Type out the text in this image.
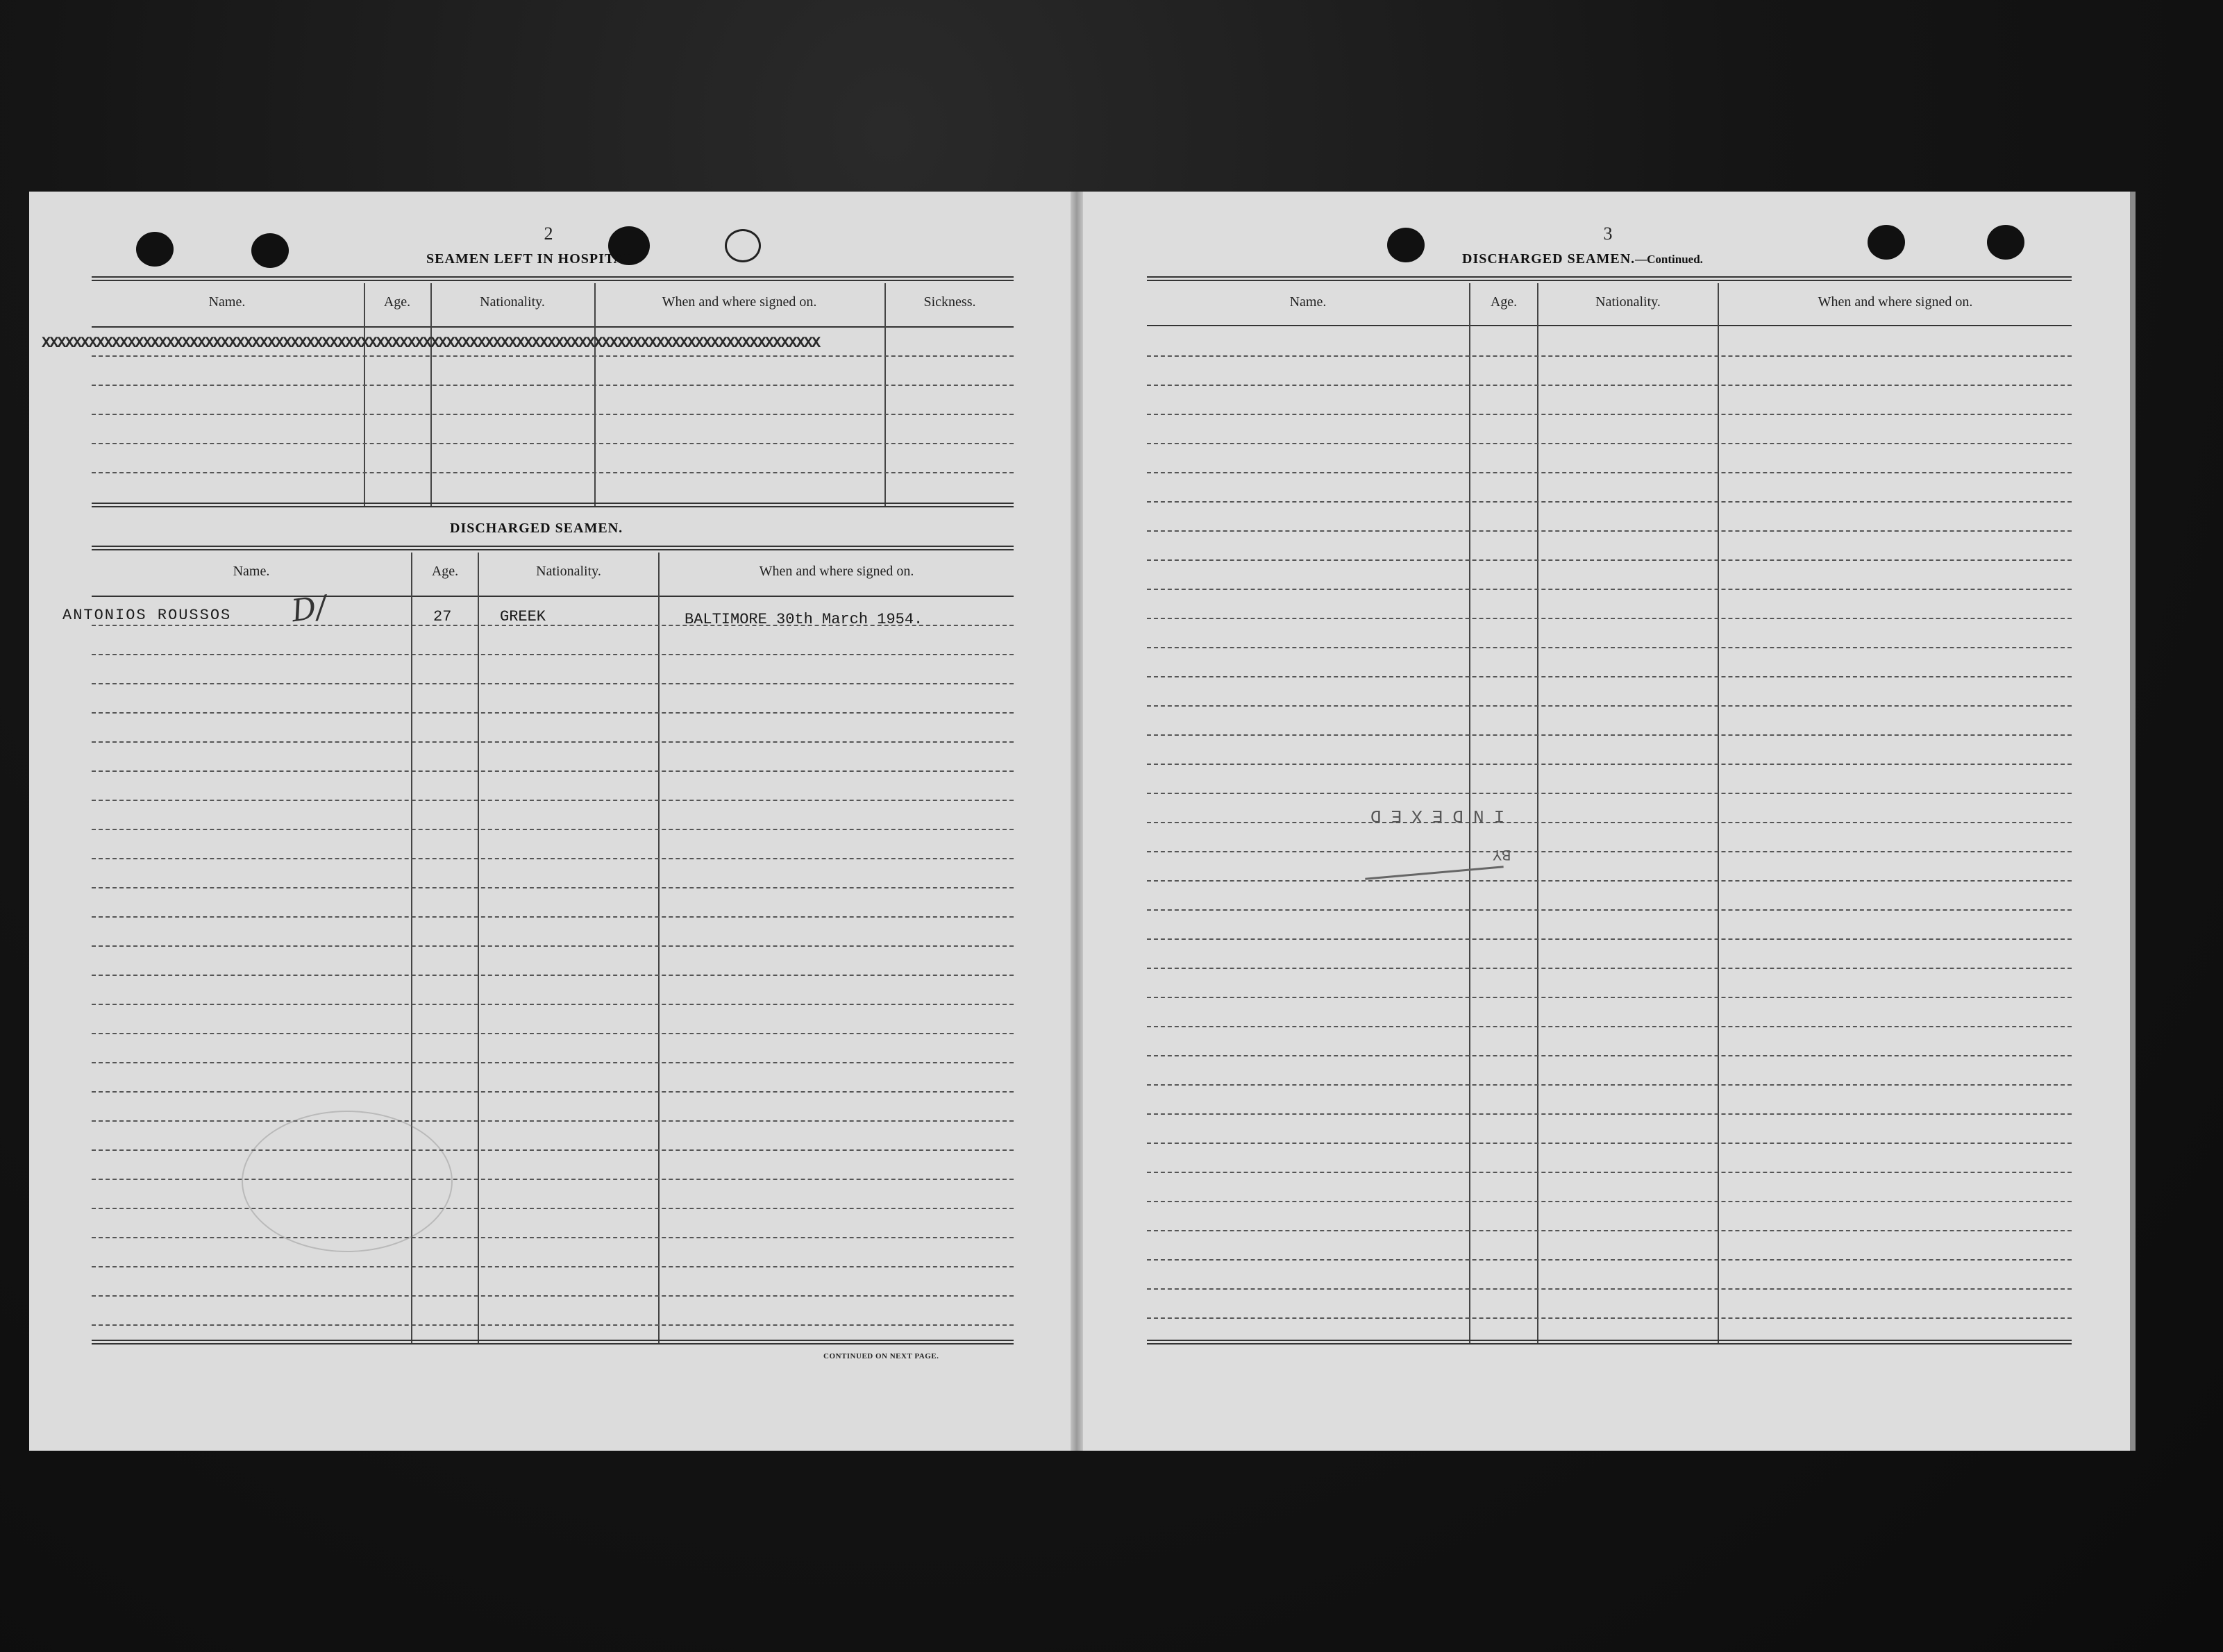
2
SEAMEN LEFT IN HOSPITAL.
Name.	Age.	Nationality.	When and where signed on.	Sickness.
XXXXXXXXXXXXXXXXXXXXXXXXXXXXXXXXXXXXXXXXXXXXXXXXXXXXXXXXXXXXXXXXXXXXXXXXXXXXXXXXXXXXXXXXXXXXXXXXXXXX
DISCHARGED SEAMEN.
Name.	Age.	Nationality.	When and where signed on.
ANTONIOS ROUSSOS D/	27	GREEK	BALTIMORE 30th March 1954.
CONTINUED ON NEXT PAGE.
3
DISCHARGED SEAMEN.—Continued.
Name.	Age.	Nationality.	When and where signed on.
INDEXED
BY
